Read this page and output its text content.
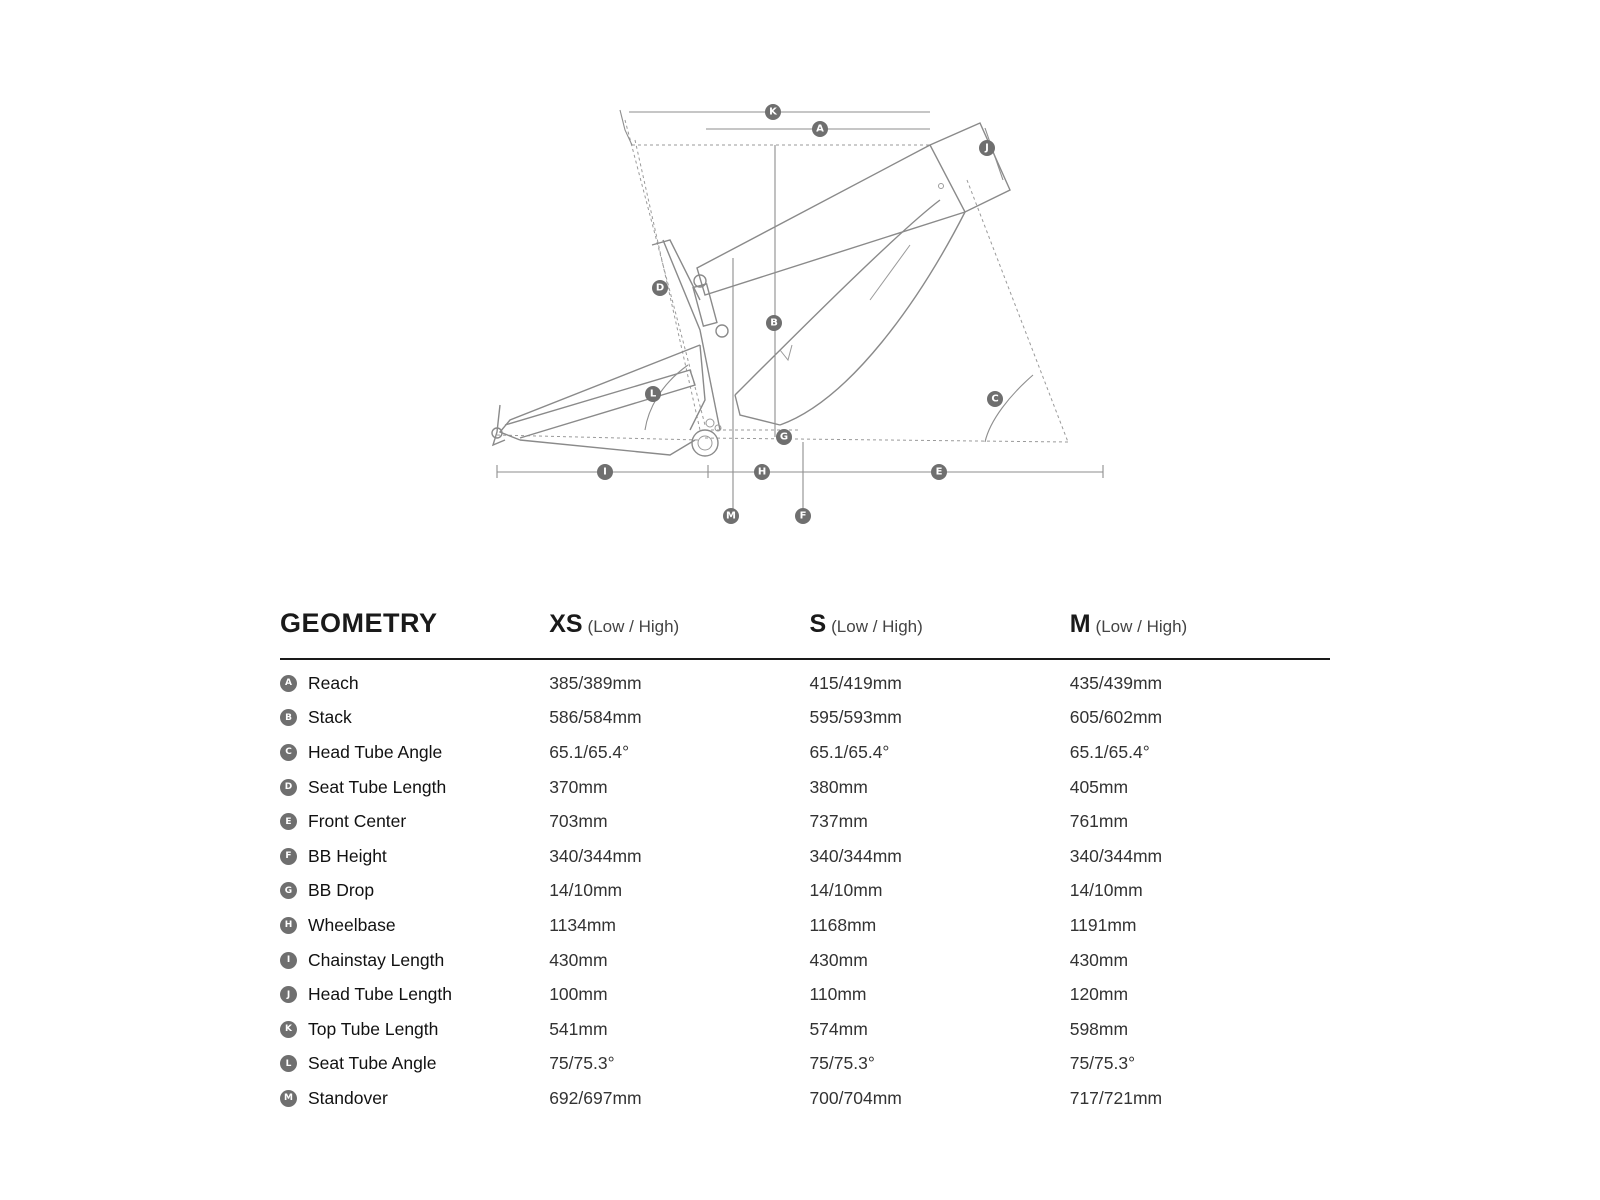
K
A
J
D
B
L	C
G
I	H	E
M	F
GEOMETRY	XS (Low / High)	S (Low / High)	M (Low / High)
A Reach	385/389mm	415/419mm	435/439mm
B Stack	586/584mm	595/593mm	605/602mm
C Head Tube Angle	65.1/65.4°	65.1/65.4°	65.1/65.4°
D Seat Tube Length	370mm	380mm	405mm
E Front Center	703mm	737mm	761mm
F BB Height	340/344mm	340/344mm	340/344mm
G BB Drop	14/10mm	14/10mm	14/10mm
H Wheelbase	1134mm	1168mm	1191mm
I	Chainstay Length	430mm	430mm	430mm
J	Head Tube Length	100mm	110mm	120mm
K Top Tube Length	541mm	574mm	598mm
L Seat Tube Angle	75/75.3°	75/75.3°	75/75.3°
M Standover	692/697mm	700/704mm	717/721mm
